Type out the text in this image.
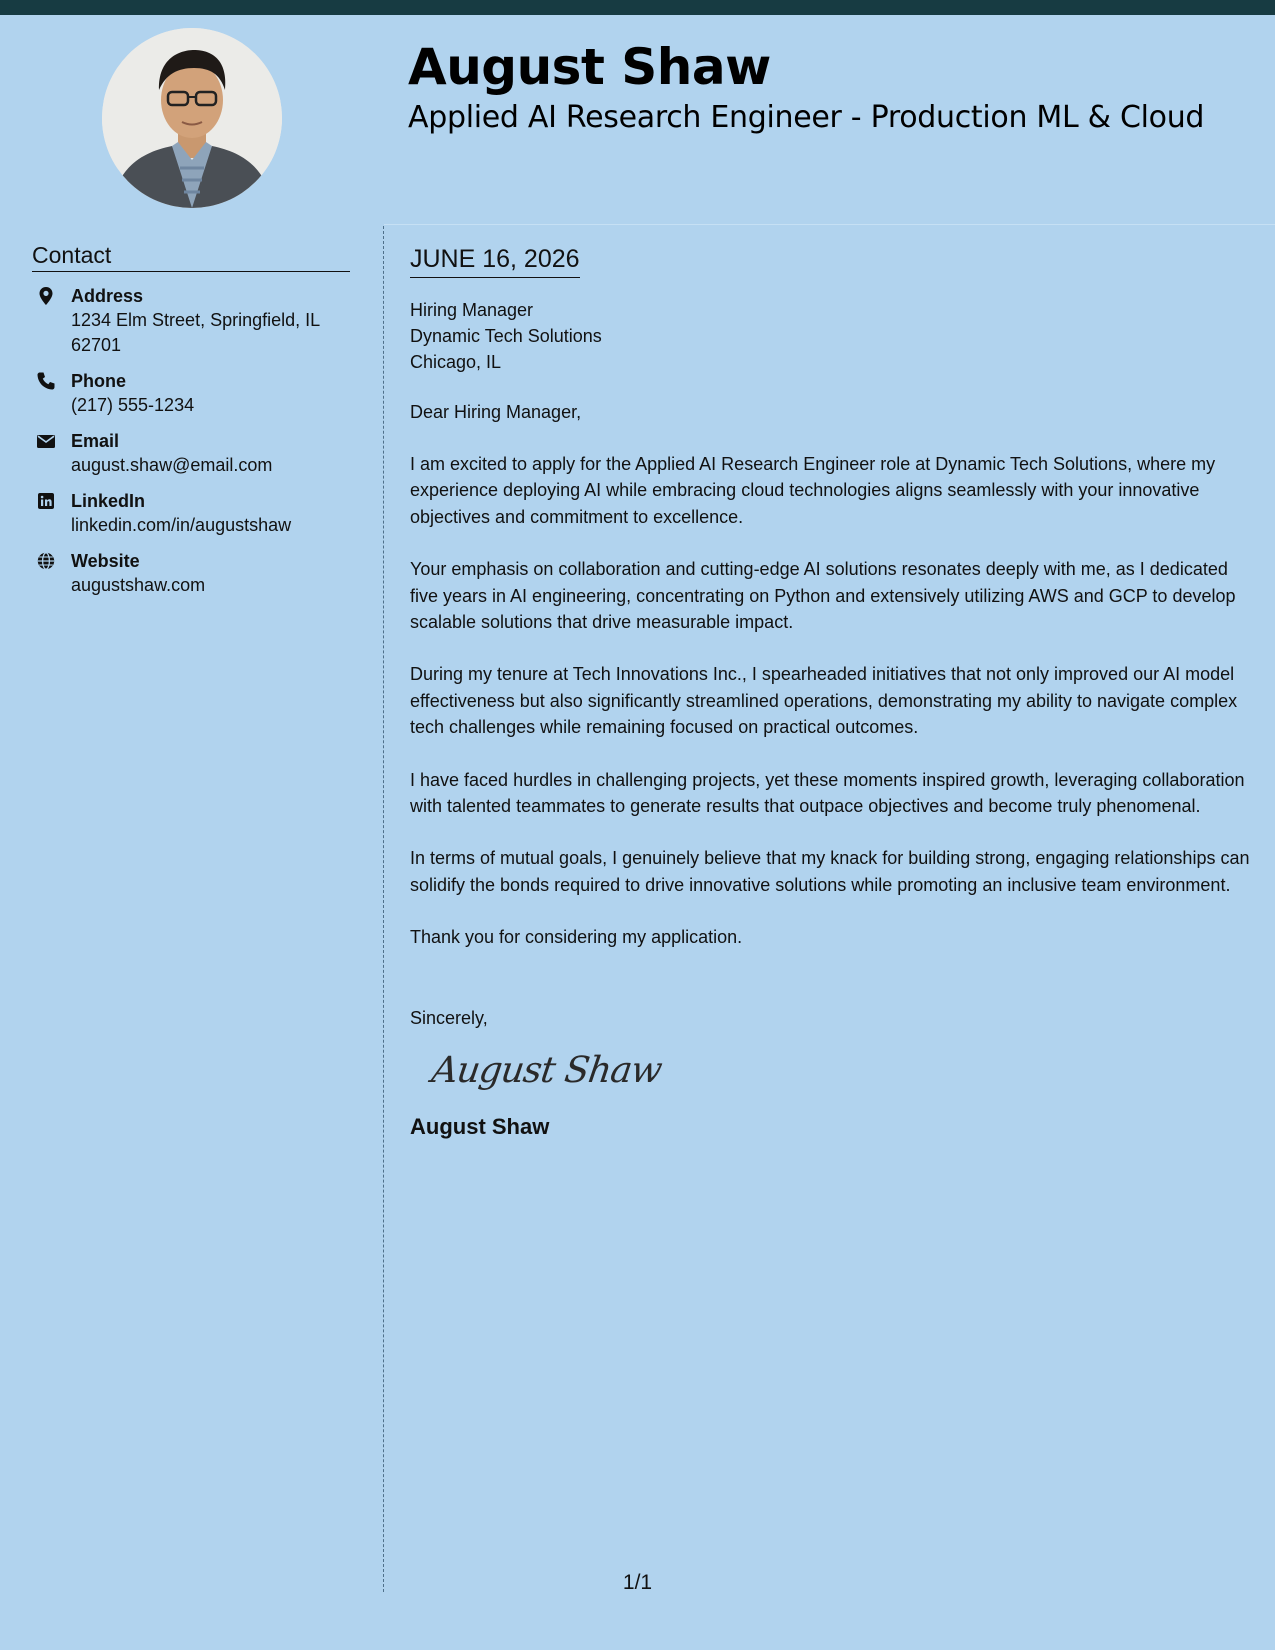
August Shaw
Applied AI Research Engineer - Production ML & Cloud
Contact
Address
1234 Elm Street, Springfield, IL 62701
Phone
(217) 555-1234
Email
august.shaw@email.com
LinkedIn
linkedin.com/in/augustshaw
Website
augustshaw.com
JUNE 16, 2026
Hiring Manager
Dynamic Tech Solutions
Chicago, IL

Dear Hiring Manager,

I am excited to apply for the Applied AI Research Engineer role at Dynamic Tech Solutions, where my experience deploying AI while embracing cloud technologies aligns seamlessly with your innovative objectives and commitment to excellence.

Your emphasis on collaboration and cutting-edge AI solutions resonates deeply with me, as I dedicated five years in AI engineering, concentrating on Python and extensively utilizing AWS and GCP to develop scalable solutions that drive measurable impact.

During my tenure at Tech Innovations Inc., I spearheaded initiatives that not only improved our AI model effectiveness but also significantly streamlined operations, demonstrating my ability to navigate complex tech challenges while remaining focused on practical outcomes.

I have faced hurdles in challenging projects, yet these moments inspired growth, leveraging collaboration with talented teammates to generate results that outpace objectives and become truly phenomenal.

In terms of mutual goals, I genuinely believe that my knack for building strong, engaging relationships can solidify the bonds required to drive innovative solutions while promoting an inclusive team environment.

Thank you for considering my application.

Sincerely,

August Shaw
August Shaw
1/1
